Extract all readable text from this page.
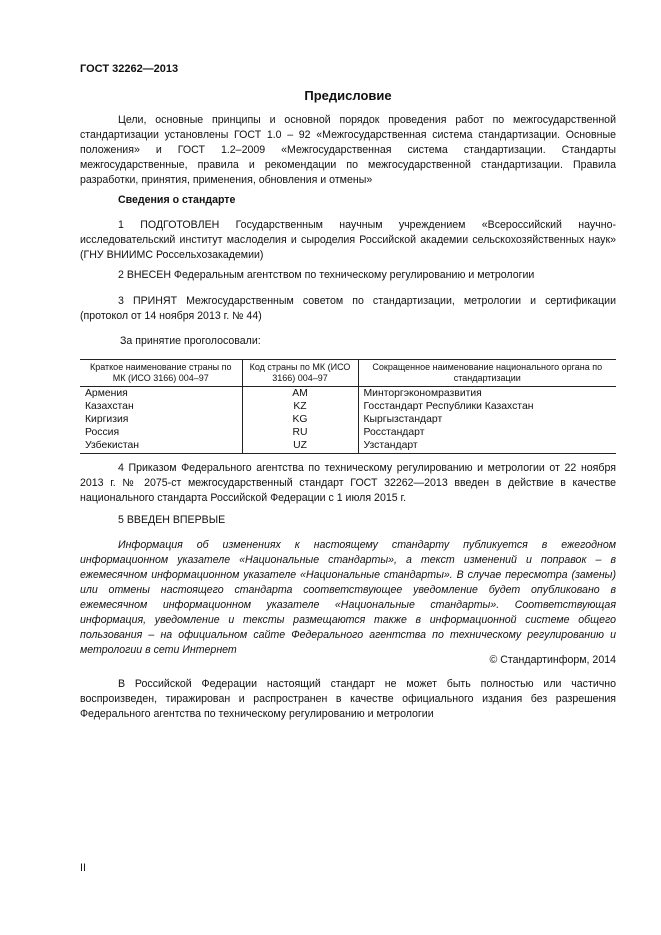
ГОСТ 32262—2013
Предисловие

Цели, основные принципы и основной порядок проведения работ по межгосударственной стандартизации установлены ГОСТ 1.0 – 92 «Межгосударственная система стандартизации. Основные положения» и ГОСТ 1.2–2009 «Межгосударственная система стандартизации. Стандарты межгосударственные, правила и рекомендации по межгосударственной стандартизации. Правила разработки, принятия, применения, обновления и отмены»

Сведения о стандарте

1 ПОДГОТОВЛЕН Государственным научным учреждением «Всероссийский научно-исследовательский институт маслоделия и сыроделия Российской академии сельскохозяйственных наук» (ГНУ ВНИИМС Россельхозакадемии)

2 ВНЕСЕН Федеральным агентством по техническому регулированию и метрологии

3 ПРИНЯТ Межгосударственным советом по стандартизации, метрологии и сертификации (протокол от 14 ноября 2013 г. № 44)

За принятие проголосовали:

Краткое наименование страны по МК (ИСО 3166) 004–97	Код страны по МК (ИСО 3166) 004–97	Сокращенное наименование национального органа по стандартизации
Армения	AM	Минторгэкономразвития
Казахстан	KZ	Госстандарт Республики Казахстан
Киргизия	KG	Кыргызстандарт
Россия	RU	Росстандарт
Узбекистан	UZ	Узстандарт

4 Приказом Федерального агентства по техническому регулированию и метрологии от 22 ноября 2013 г. № 2075-ст межгосударственный стандарт ГОСТ 32262—2013 введен в действие в качестве национального стандарта Российской Федерации с 1 июля 2015 г.

5 ВВЕДЕН ВПЕРВЫЕ

Информация об изменениях к настоящему стандарту публикуется в ежегодном информационном указателе «Национальные стандарты», а текст изменений и поправок – в ежемесячном информационном указателе «Национальные стандарты». В случае пересмотра (замены) или отмены настоящего стандарта соответствующее уведомление будет опубликовано в ежемесячном информационном указателе «Национальные стандарты». Соответствующая информация, уведомление и тексты размещаются также в информационной системе общего пользования – на официальном сайте Федерального агентства по техническому регулированию и метрологии в сети Интернет

© Стандартинформ, 2014

В Российской Федерации настоящий стандарт не может быть полностью или частично воспроизведен, тиражирован и распространен в качестве официального издания без разрешения Федерального агентства по техническому регулированию и метрологии

II
